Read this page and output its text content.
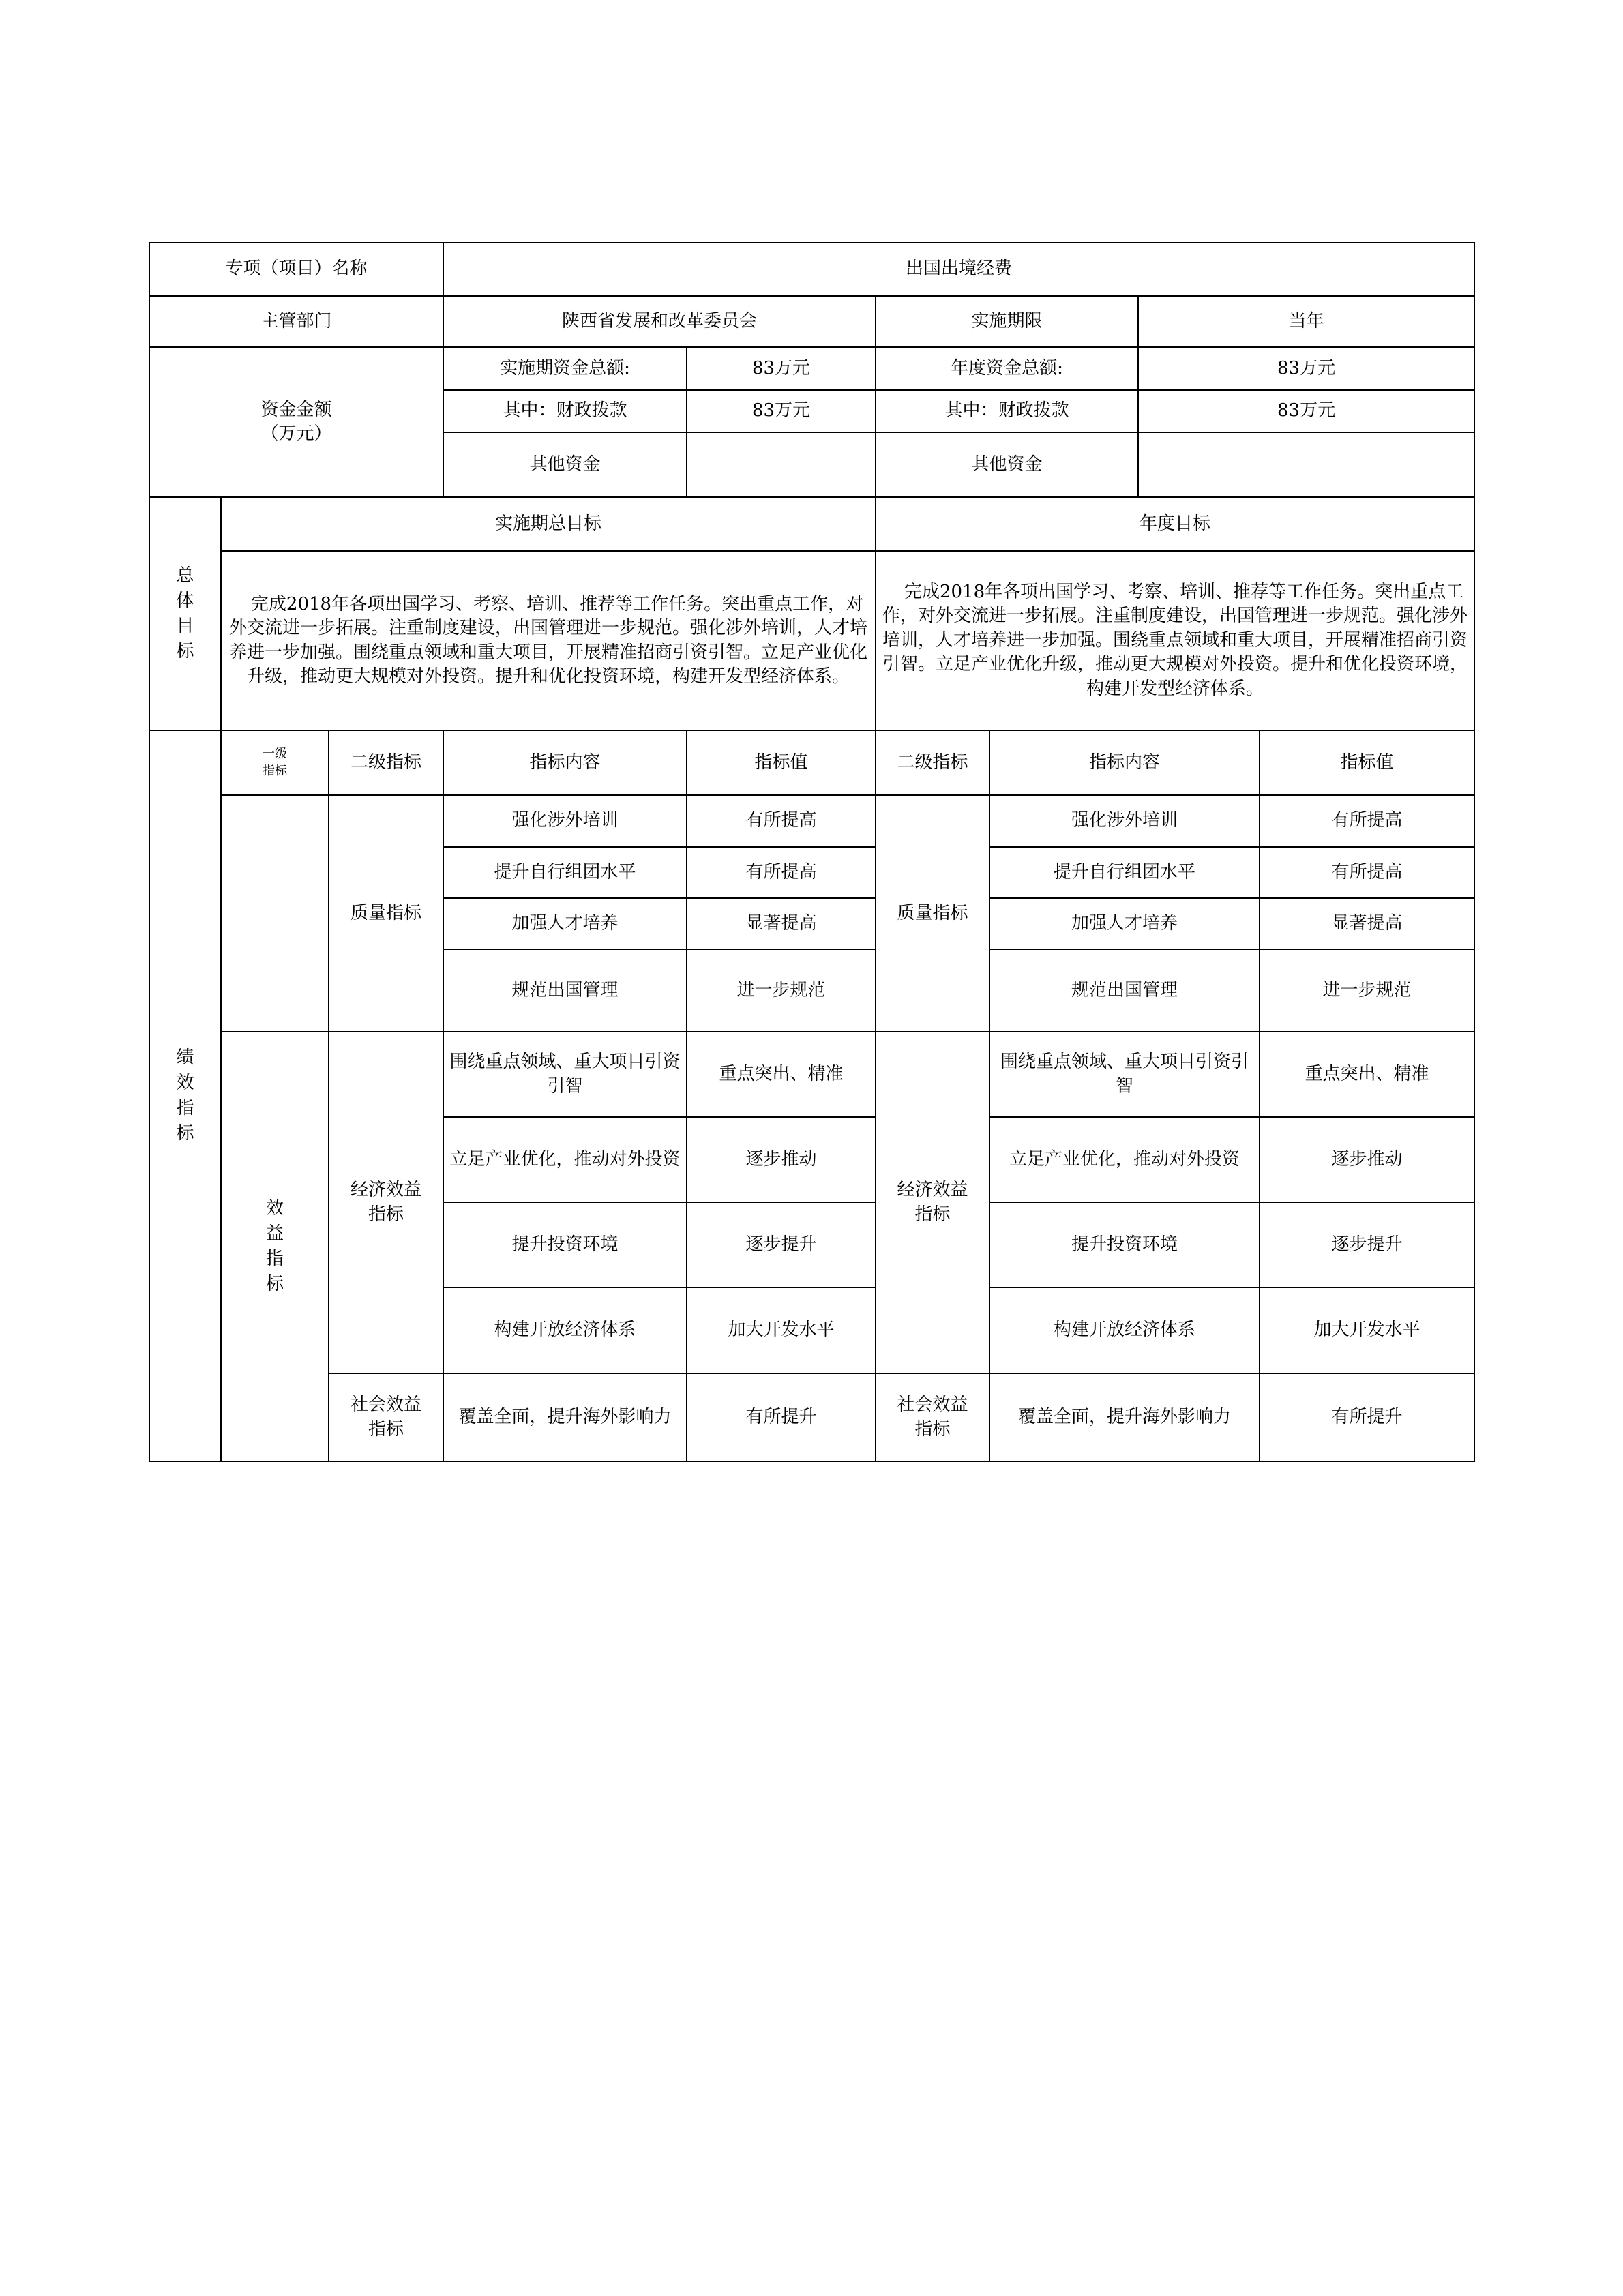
专项（项目）名称			出国出境经费					
主管部门			陕西省发展和改革委员会		实施期限		当年	
资金金额
（万元）			实施期资金总额:	83万元	年度资金总额:		83万元	
			其中：财政拨款	83万元	其中：财政拨款		83万元	
			其他资金		其他资金			
总体目标	实施期总目标				年度目标			
	完成2018年各项出国学习、考察、培训、推荐等工作任务。突出重点工作，对外交流进一步拓展。注重制度建设，出国管理进一步规范。强化涉外培训，人才培养进一步加强。围绕重点领域和重大项目，开展精准招商引资引智。立足产业优化升级，推动更大规模对外投资。提升和优化投资环境，构建开发型经济体系。				完成2018年各项出国学习、考察、培训、推荐等工作任务。突出重点工作，对外交流进一步拓展。注重制度建设，出国管理进一步规范。强化涉外培训，人才培养进一步加强。围绕重点领域和重大项目，开展精准招商引资引智。立足产业优化升级，推动更大规模对外投资。提升和优化投资环境，构建开发型经济体系。			
绩效指标	一级指标	二级指标	指标内容	指标值	二级指标	指标内容		指标值
		质量指标	强化涉外培训	有所提高	质量指标	强化涉外培训		有所提高
			提升自行组团水平	有所提高		提升自行组团水平		有所提高
			加强人才培养	显著提高		加强人才培养		显著提高
			规范出国管理	进一步规范		规范出国管理		进一步规范
	效益指标	经济效益指标	围绕重点领域、重大项目引资引智	重点突出、精准	经济效益指标	围绕重点领域、重大项目引资引智		重点突出、精准
			立足产业优化，推动对外投资	逐步推动		立足产业优化，推动对外投资		逐步推动
			提升投资环境	逐步提升		提升投资环境		逐步提升
			构建开放经济体系	加大开发水平		构建开放经济体系		加大开发水平
		社会效益指标	覆盖全面，提升海外影响力	有所提升	社会效益指标	覆盖全面，提升海外影响力		有所提升
